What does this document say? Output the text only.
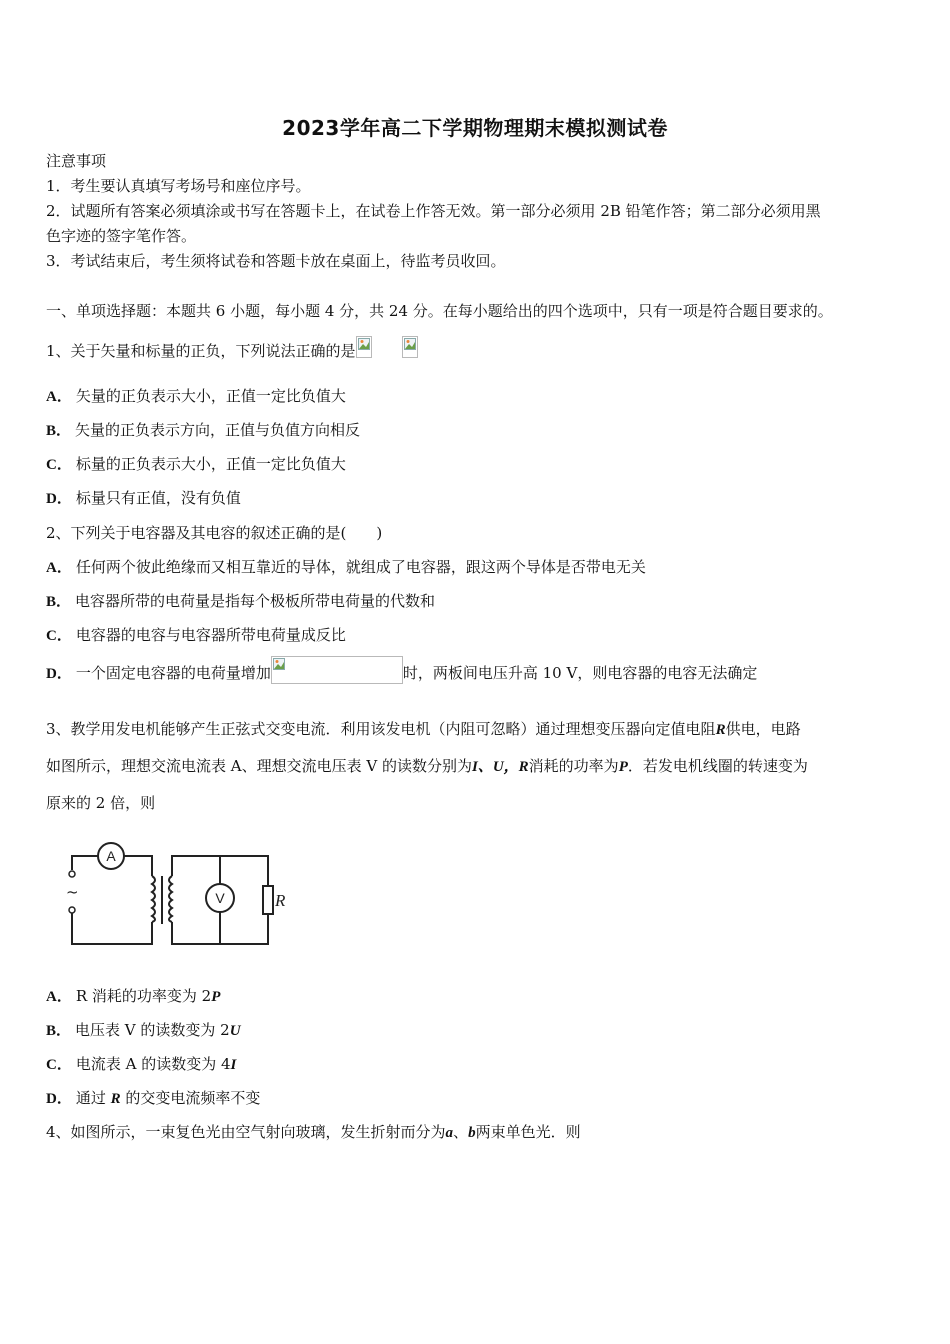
2023学年高二下学期物理期末模拟测试卷
注意事项
1．考生要认真填写考场号和座位序号。
2．试题所有答案必须填涂或书写在答题卡上，在试卷上作答无效。第一部分必须用 2B 铅笔作答；第二部分必须用黑
色字迹的签字笔作答。
3．考试结束后，考生须将试卷和答题卡放在桌面上，待监考员收回。
一、单项选择题：本题共 6 小题，每小题 4 分，共 24 分。在每小题给出的四个选项中，只有一项是符合题目要求的。
1、关于矢量和标量的正负，下列说法正确的是
A． 矢量的正负表示大小，正值一定比负值大
B． 矢量的正负表示方向，正值与负值方向相反
C． 标量的正负表示大小，正值一定比负值大
D． 标量只有正值，没有负值
2、下列关于电容器及其电容的叙述正确的是(　　)
A． 任何两个彼此绝缘而又相互靠近的导体，就组成了电容器，跟这两个导体是否带电无关
B． 电容器所带的电荷量是指每个极板所带电荷量的代数和
C． 电容器的电容与电容器所带电荷量成反比
D． 一个固定电容器的电荷量增加	时，两板间电压升高 10 V，则电容器的电容无法确定
3、教学用发电机能够产生正弦式交变电流．利用该发电机（内阻可忽略）通过理想变压器向定值电阻R供电，电路
如图所示，理想交流电流表 A、理想交流电压表 V 的读数分别为I、U，R消耗的功率为P．若发电机线圈的转速变为
原来的 2 倍，则
A
V	R
~
A． R 消耗的功率变为 2P
B． 电压表 V 的读数变为 2U
C． 电流表 A 的读数变为 4I
D． 通过 R 的交变电流频率不变
4、如图所示，一束复色光由空气射向玻璃，发生折射而分为a、b两束单色光．则
